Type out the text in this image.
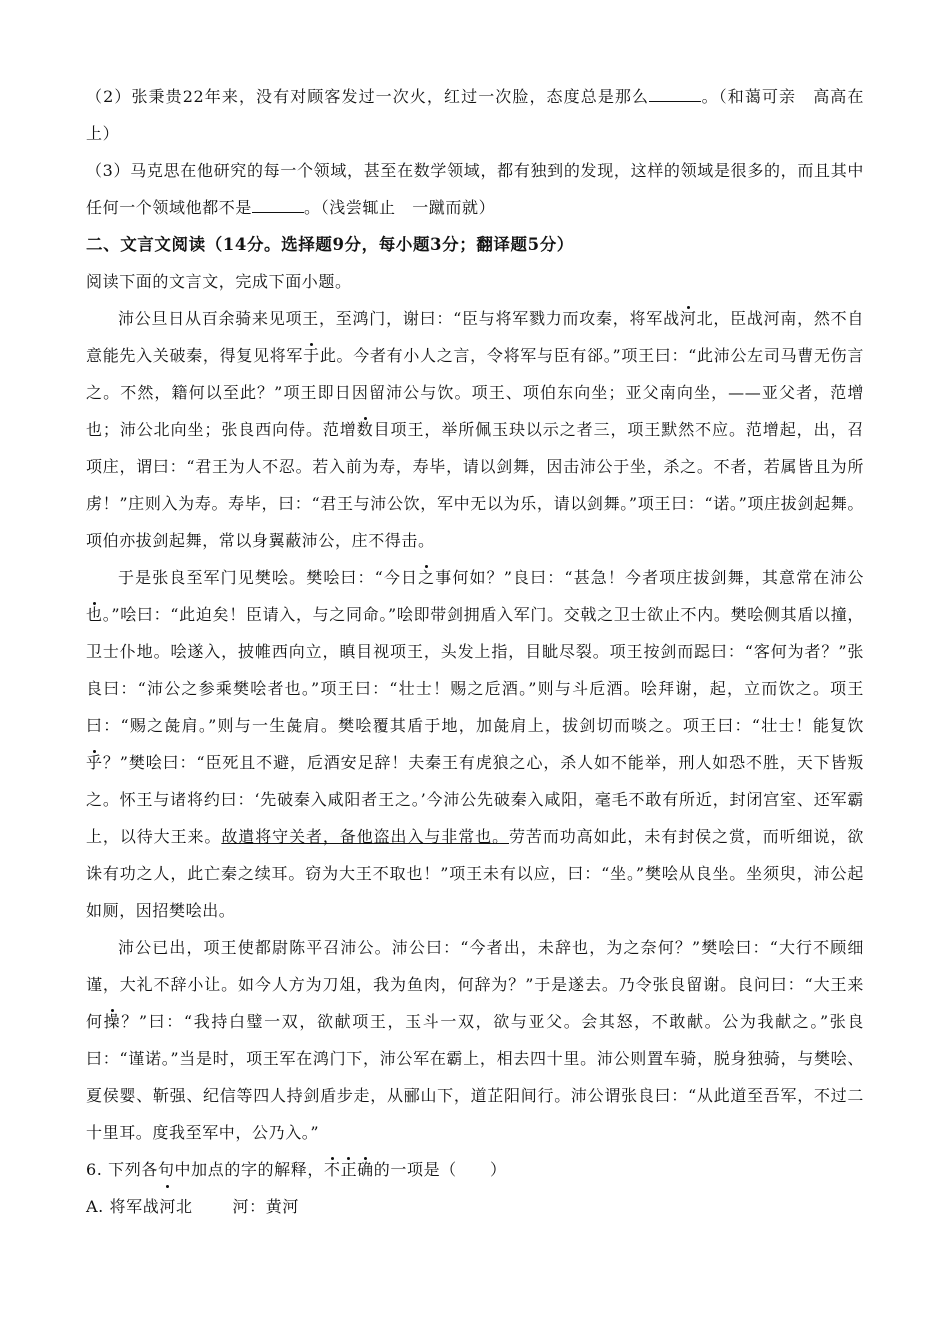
（2）张秉贵22年来，没有对顾客发过一次火，红过一次脸，态度总是那么	。（和蔼可亲　高高在上）

（3）马克思在他研究的每一个领域，甚至在数学领域，都有独到的发现，这样的领域是很多的，而且其中任何一个领域他都不是	。（浅尝辄止　一蹴而就）

二、文言文阅读（14分。选择题9分，每小题3分；翻译题5分）

阅读下面的文言文，完成下面小题。

沛公旦日从百余骑来见项王，至鸿门，谢曰：“臣与将军戮力而攻秦，将军战河北，臣战河南，然不自意能先入关破秦，得复见将军于此。今者有小人之言，令将军与臣有郤。”项王曰：“此沛公左司马曹无伤言之。不然，籍何以至此？”项王即日因留沛公与饮。项王、项伯东向坐；亚父南向坐，——亚父者，范增也；沛公北向坐；张良西向侍。范增数目项王，举所佩玉玦以示之者三，项王默然不应。范增起，出，召项庄，谓曰：“君王为人不忍。若入前为寿，寿毕，请以剑舞，因击沛公于坐，杀之。不者，若属皆且为所虏！”庄则入为寿。寿毕，曰：“君王与沛公饮，军中无以为乐，请以剑舞。”项王曰：“诺。”项庄拔剑起舞。项伯亦拔剑起舞，常以身翼蔽沛公，庄不得击。

于是张良至军门见樊哙。樊哙曰：“今日之事何如？”良曰：“甚急！今者项庄拔剑舞，其意常在沛公也。”哙曰：“此迫矣！臣请入，与之同命。”哙即带剑拥盾入军门。交戟之卫士欲止不内。樊哙侧其盾以撞，卫士仆地。哙遂入，披帷西向立，瞋目视项王，头发上指，目眦尽裂。项王按剑而跽曰：“客何为者？”张良曰：“沛公之参乘樊哙者也。”项王曰：“壮士！赐之卮酒。”则与斗卮酒。哙拜谢，起，立而饮之。项王曰：“赐之彘肩。”则与一生彘肩。樊哙覆其盾于地，加彘肩上，拔剑切而啖之。项王曰：“壮士！能复饮乎？”樊哙曰：“臣死且不避，卮酒安足辞！夫秦王有虎狼之心，杀人如不能举，刑人如恐不胜，天下皆叛之。怀王与诸将约曰：‘先破秦入咸阳者王之。’今沛公先破秦入咸阳，毫毛不敢有所近，封闭宫室、还军霸上，以待大王来。故遣将守关者，备他盗出入与非常也。劳苦而功高如此，未有封侯之赏，而听细说，欲诛有功之人，此亡秦之续耳。窃为大王不取也！”项王未有以应，曰：“坐。”樊哙从良坐。坐须臾，沛公起如厕，因招樊哙出。

沛公已出，项王使都尉陈平召沛公。沛公曰：“今者出，未辞也，为之奈何？”樊哙曰：“大行不顾细谨，大礼不辞小让。如今人方为刀俎，我为鱼肉，何辞为？”于是遂去。乃令张良留谢。良问曰：“大王来何操？”曰：“我持白璧一双，欲献项王，玉斗一双，欲与亚父。会其怒，不敢献。公为我献之。”张良曰：“谨诺。”当是时，项王军在鸿门下，沛公军在霸上，相去四十里。沛公则置车骑，脱身独骑，与樊哙、夏侯婴、靳强、纪信等四人持剑盾步走，从郦山下，道芷阳间行。沛公谓张良曰：“从此道至吾军，不过二十里耳。度我至军中，公乃入。”

6. 下列各句中加点的字的解释，不正确的一项是（　　）

A. 将军战河北	河：黄河
